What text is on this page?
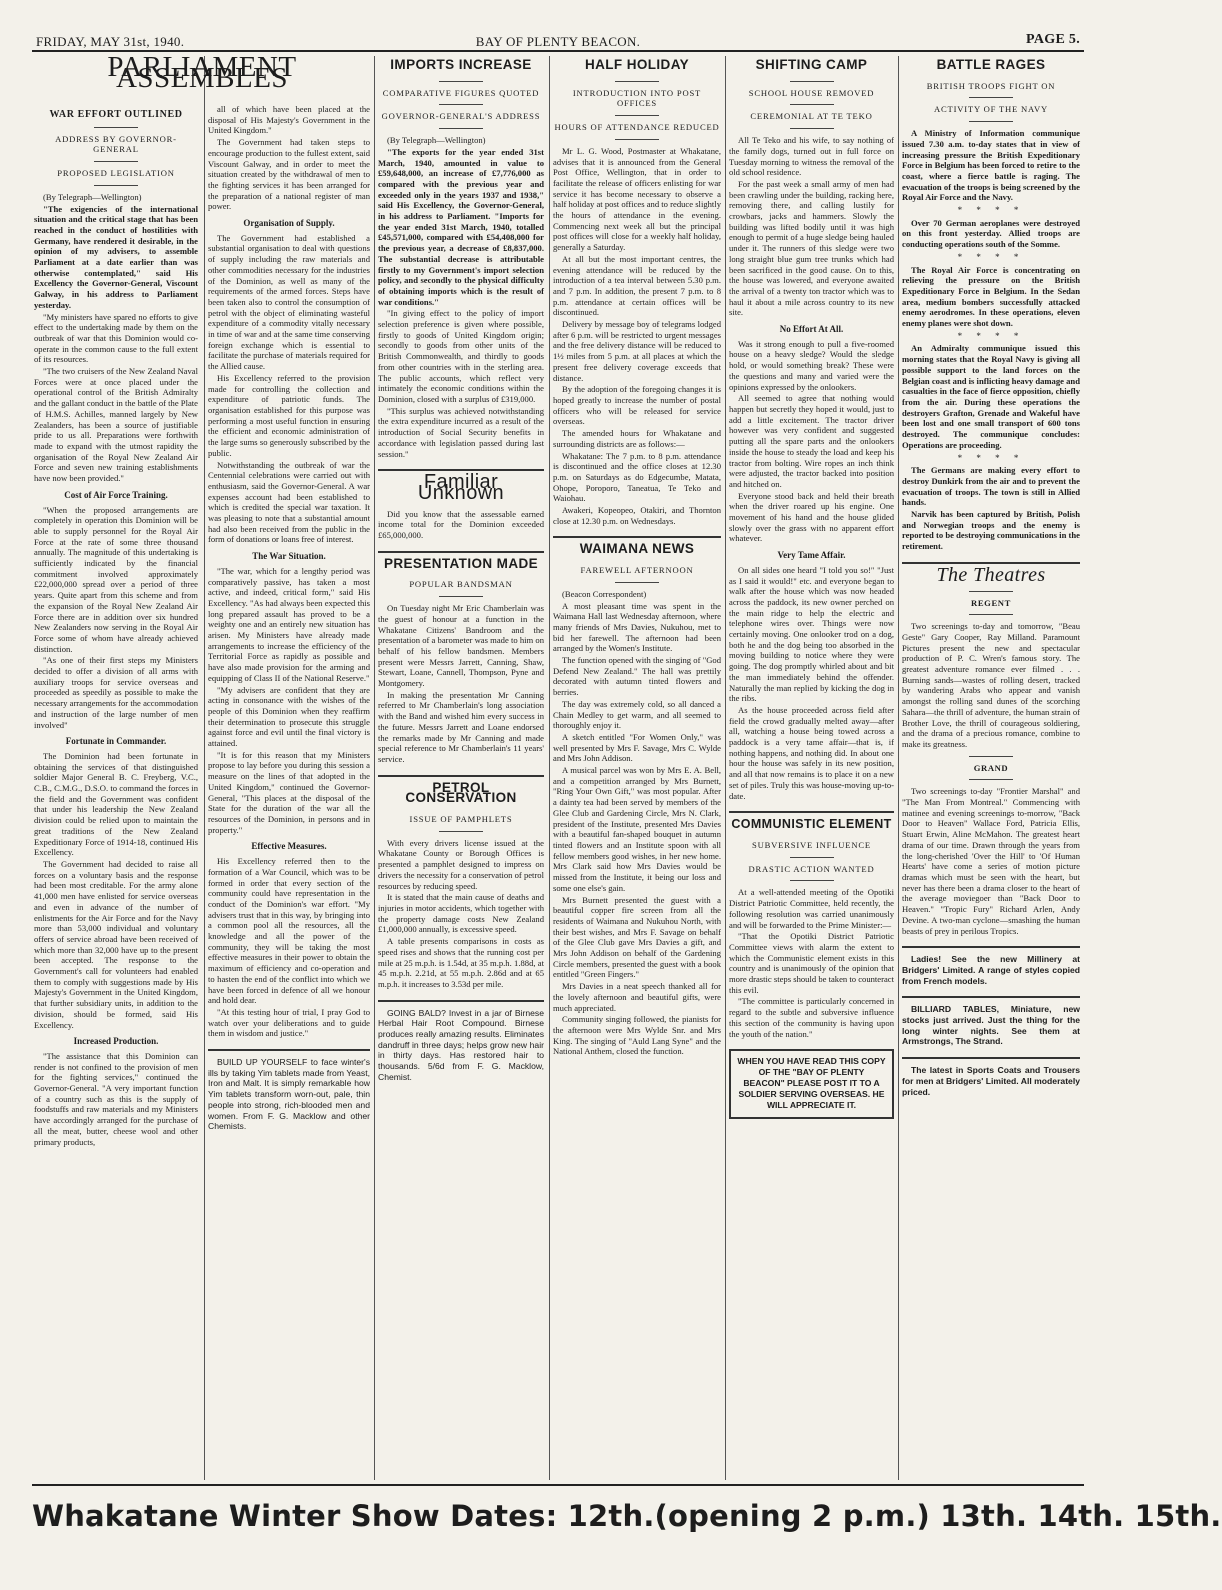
FRIDAY, MAY 31st, 1940.	BAY OF PLENTY BEACON.	PAGE 5.
PARLIAMENT ASSEMBLES
WAR EFFORT OUTLINED
ADDRESS BY GOVERNOR-GENERAL
PROPOSED LEGISLATION

(By Telegraph—Wellington)

"The exigencies of the international situation and the critical stage that has been reached in the conduct of hostilities with Germany, have rendered it desirable, in the opinion of my advisers, to assemble Parliament at a date earlier than was otherwise contemplated," said His Excellency the Governor-General, Viscount Galway, in his address to Parliament yesterday.

"My ministers have spared no efforts to give effect to the undertaking made by them on the outbreak of war that this Dominion would co-operate in the common cause to the full extent of its resources.

"The two cruisers of the New Zealand Naval Forces were at once placed under the operational control of the British Admiralty and the gallant conduct in the battle of the Plate of H.M.S. Achilles, manned largely by New Zealanders, has been a source of justifiable pride to us all. Preparations were forthwith made to expand with the utmost rapidity the organisation of the Royal New Zealand Air Force and seven new training establishments have now been provided."

Cost of Air Force Training.

"When the proposed arrangements are completely in operation this Dominion will be able to supply personnel for the Royal Air Force at the rate of some three thousand annually. The magnitude of this undertaking is sufficiently indicated by the financial commitment involved approximately £22,000,000 spread over a period of three years. Quite apart from this scheme and from the expansion of the Royal New Zealand Air Force there are in addition over six hundred New Zealanders now serving in the Royal Air Force some of whom have already achieved distinction.

"As one of their first steps my Ministers decided to offer a division of all arms with auxiliary troops for service overseas and proceeded as speedily as possible to make the necessary arrangements for the accommodation and instruction of the large number of men involved"

Fortunate in Commander.

The Dominion had been fortunate in obtaining the services of that distinguished soldier Major General B. C. Freyberg, V.C., C.B., C.M.G., D.S.O. to command the forces in the field and the Government was confident that under his leadership the New Zealand division could be relied upon to maintain the great traditions of the New Zealand Expeditionary Force of 1914-18, continued His Excellency.

The Government had decided to raise all forces on a voluntary basis and the response had been most creditable. For the army alone 41,000 men have enlisted for service overseas and even in advance of the number of enlistments for the Air Force and for the Navy more than 53,000 individual and voluntary offers of service abroad have been received of which more than 32,000 have up to the present been accepted. The response to the Government's call for volunteers had enabled them to comply with suggestions made by His Majesty's Government in the United Kingdom, that further subsidiary units, in addition to the division, should be formed, said His Excellency.

Increased Production.

"The assistance that this Dominion can render is not confined to the provision of men for the fighting services," continued the Governor-General. "A very important function of a country such as this is the supply of foodstuffs and raw materials and my Ministers have accordingly arranged for the purchase of all the meat, butter, cheese wool and other primary products,

all of which have been placed at the disposal of His Majesty's Government in the United Kingdom."

The Government had taken steps to encourage production to the fullest extent, said Viscount Galway, and in order to meet the situation created by the withdrawal of men to the fighting services it has been arranged for the preparation of a national register of man power.

Organisation of Supply.

The Government had established a substantial organisation to deal with questions of supply including the raw materials and other commodities necessary for the industries of the Dominion, as well as many of the requirements of the armed forces. Steps have been taken also to control the consumption of petrol with the object of eliminating wasteful expenditure of a commodity vitally necessary in time of war and at the same time conserving foreign exchange which is essential to facilitate the purchase of materials required for the Allied cause.

His Excellency referred to the provision made for controlling the collection and expenditure of patriotic funds. The organisation established for this purpose was performing a most useful function in ensuring the efficient and economic administration of the large sums so generously subscribed by the public.

Notwithstanding the outbreak of war the Centennial celebrations were carried out with enthusiasm, said the Governor-General. A war expenses account had been established to which is credited the special war taxation. It was pleasing to note that a substantial amount had also been received from the public in the form of donations or loans free of interest.

The War Situation.

"The war, which for a lengthy period was comparatively passive, has taken a most active, and indeed, critical form," said His Excellency. "As had always been expected this long prepared assault has proved to be a weighty one and an entirely new situation has arisen. My Ministers have already made arrangements to increase the efficiency of the Territorial Force as rapidly as possible and have also made provision for the arming and equipping of Class II of the National Reserve."

"My advisers are confident that they are acting in consonance with the wishes of the people of this Dominion when they reaffirm their determination to prosecute this struggle against force and evil until the final victory is attained.

"It is for this reason that my Ministers propose to lay before you during this session a measure on the lines of that adopted in the United Kingdom," continued the Governor-General, "This places at the disposal of the State for the duration of the war all the resources of the Dominion, in persons and in property."

Effective Measures.

His Excellency referred then to the formation of a War Council, which was to be formed in order that every section of the community could have representation in the conduct of the Dominion's war effort. "My advisers trust that in this way, by bringing into a common pool all the resources, all the knowledge and all the power of the community, they will be taking the most effective measures in their power to obtain the maximum of efficiency and co-operation and to hasten the end of the conflict into which we have been forced in defence of all we honour and hold dear.

"At this testing hour of trial, I pray God to watch over your deliberations and to guide them in wisdom and justice."

BUILD UP YOURSELF to face winter's ills by taking Yim tablets made from Yeast, Iron and Malt. It is simply remarkable how Yim tablets transform worn-out, pale, thin people into strong, rich-blooded men and women. From F. G. Macklow and other Chemists.

IMPORTS INCREASE
COMPARATIVE FIGURES QUOTED
GOVERNOR-GENERAL'S ADDRESS

(By Telegraph—Wellington)

"The exports for the year ended 31st March, 1940, amounted in value to £59,648,000, an increase of £7,776,000 as compared with the previous year and exceeded only in the years 1937 and 1938," said His Excellency, the Governor-General, in his address to Parliament. "Imports for the year ended 31st March, 1940, totalled £45,571,000, compared with £54,408,000 for the previous year, a decrease of £8,837,000. The substantial decrease is attributable firstly to my Government's import selection policy, and secondly to the physical difficulty of obtaining imports which is the result of war conditions."

"In giving effect to the policy of import selection preference is given where possible, firstly to goods of United Kingdom origin; secondly to goods from other units of the British Commonwealth, and thirdly to goods from other countries with in the sterling area. The public accounts, which reflect very intimately the economic conditions within the Dominion, closed with a surplus of £319,000.

"This surplus was achieved notwithstanding the extra expenditure incurred as a result of the introduction of Social Security benefits in accordance with legislation passed during last session."

Familiar Unknown

Did you know that the assessable earned income total for the Dominion exceeded £65,000,000.

PRESENTATION MADE
POPULAR BANDSMAN

On Tuesday night Mr Eric Chamberlain was the guest of honour at a function in the Whakatane Citizens' Bandroom and the presentation of a barometer was made to him on behalf of his fellow bandsmen. Members present were Messrs Jarrett, Canning, Shaw, Stewart, Loane, Cannell, Thompson, Pyne and Montgomery.

In making the presentation Mr Canning referred to Mr Chamberlain's long association with the Band and wished him every success in the future. Messrs Jarrett and Loane endorsed the remarks made by Mr Canning and made special reference to Mr Chamberlain's 11 years' service.

PETROL CONSERVATION
ISSUE OF PAMPHLETS

With every drivers license issued at the Whakatane County or Borough Offices is presented a pamphlet designed to impress on drivers the necessity for a conservation of petrol resources by reducing speed.

It is stated that the main cause of deaths and injuries in motor accidents, which together with the property damage costs New Zealand £1,000,000 annually, is excessive speed.

A table presents comparisons in costs as speed rises and shows that the running cost per mile at 25 m.p.h. is 1.54d, at 35 m.p.h. 1.88d, at 45 m.p.h. 2.21d, at 55 m.p.h. 2.86d and at 65 m.p.h. it increases to 3.53d per mile.

GOING BALD? Invest in a jar of Birnese Herbal Hair Root Compound. Birnese produces really amazing results. Eliminates dandruff in three days; helps grow new hair in thirty days. Has restored hair to thousands. 5/6d from F. G. Macklow, Chemist.

HALF HOLIDAY
INTRODUCTION INTO POST OFFICES
HOURS OF ATTENDANCE REDUCED

Mr L. G. Wood, Postmaster at Whakatane, advises that it is announced from the General Post Office, Wellington, that in order to facilitate the release of officers enlisting for war service it has become necessary to observe a half holiday at post offices and to reduce slightly the hours of attendance in the evening. Commencing next week all but the principal post offices will close for a weekly half holiday, generally a Saturday.

At all but the most important centres, the evening attendance will be reduced by the introduction of a tea interval between 5.30 p.m. and 7 p.m. In addition, the present 7 p.m. to 8 p.m. attendance at certain offices will be discontinued.

Delivery by message boy of telegrams lodged after 6 p.m. will be restricted to urgent messages and the free delivery distance will be reduced to 1½ miles from 5 p.m. at all places at which the present free delivery coverage exceeds that distance.

By the adoption of the foregoing changes it is hoped greatly to increase the number of postal officers who will be released for service overseas.

The amended hours for Whakatane and surrounding districts are as follows:—

Whakatane: The 7 p.m. to 8 p.m. attendance is discontinued and the office closes at 12.30 p.m. on Saturdays as do Edgecumbe, Matata, Ohope, Poroporo, Taneatua, Te Teko and Waiohau.

Awakeri, Kopeopeo, Otakiri, and Thornton close at 12.30 p.m. on Wednesdays.

WAIMANA NEWS
FAREWELL AFTERNOON

(Beacon Correspondent)

A most pleasant time was spent in the Waimana Hall last Wednesday afternoon, where many friends of Mrs Davies, Nukuhou, met to bid her farewell. The afternoon had been arranged by the Women's Institute.

The function opened with the singing of "God Defend New Zealand." The hall was prettily decorated with autumn tinted flowers and berries.

The day was extremely cold, so all danced a Chain Medley to get warm, and all seemed to thoroughly enjoy it.

A sketch entitled "For Women Only," was well presented by Mrs F. Savage, Mrs C. Wylde and Mrs John Addison.

A musical parcel was won by Mrs E. A. Bell, and a competition arranged by Mrs Burnett, "Ring Your Own Gift," was most popular. After a dainty tea had been served by members of the Glee Club and Gardening Circle, Mrs N. Clark, president of the Institute, presented Mrs Davies with a beautiful fan-shaped bouquet in autumn tinted flowers and an Institute spoon with all fellow members good wishes, in her new home. Mrs Clark said how Mrs Davies would be missed from the Institute, it being our loss and some one else's gain.

Mrs Burnett presented the guest with a beautiful copper fire screen from all the residents of Waimana and Nukuhou North, with their best wishes, and Mrs F. Savage on behalf of the Glee Club gave Mrs Davies a gift, and Mrs John Addison on behalf of the Gardening Circle members, presented the guest with a book entitled "Green Fingers."

Mrs Davies in a neat speech thanked all for the lovely afternoon and beautiful gifts, were much appreciated.

Community singing followed, the pianists for the afternoon were Mrs Wylde Snr. and Mrs King. The singing of "Auld Lang Syne" and the National Anthem, closed the function.

SHIFTING CAMP
SCHOOL HOUSE REMOVED
CEREMONIAL AT TE TEKO

All Te Teko and his wife, to say nothing of the family dogs, turned out in full force on Tuesday morning to witness the removal of the old school residence.

For the past week a small army of men had been crawling under the building, racking here, removing there, and calling lustily for crowbars, jacks and hammers. Slowly the building was lifted bodily until it was high enough to permit of a huge sledge being hauled under it. The runners of this sledge were two long straight blue gum tree trunks which had been sacrificed in the good cause. On to this, the house was lowered, and everyone awaited the arrival of a twenty ton tractor which was to haul it about a mile across country to its new site.

No Effort At All.

Was it strong enough to pull a five-roomed house on a heavy sledge? Would the sledge hold, or would something break? These were the questions and many and varied were the opinions expressed by the onlookers.

All seemed to agree that nothing would happen but secretly they hoped it would, just to add a little excitement. The tractor driver however was very confident and suggested putting all the spare parts and the onlookers inside the house to steady the load and keep his tractor from bolting. Wire ropes an inch think were adjusted, the tractor backed into position and hitched on.

Everyone stood back and held their breath when the driver roared up his engine. One movement of his hand and the house glided slowly over the grass with no apparent effort whatever.

Very Tame Affair.

On all sides one heard "I told you so!" "Just as I said it would!" etc. and everyone began to walk after the house which was now headed across the paddock, its new owner perched on the main ridge to help the electric and telephone wires over. Things were now certainly moving. One onlooker trod on a dog, both he and the dog being too absorbed in the moving building to notice where they were going. The dog promptly whirled about and bit the man immediately behind the offender. Naturally the man replied by kicking the dog in the ribs.

As the house proceeded across field after field the crowd gradually melted away—after all, watching a house being towed across a paddock is a very tame affair—that is, if nothing happens, and nothing did. In about one hour the house was safely in its new position, and all that now remains is to place it on a new set of piles. Truly this was house-moving up-to-date.

COMMUNISTIC ELEMENT
SUBVERSIVE INFLUENCE
DRASTIC ACTION WANTED

At a well-attended meeting of the Opotiki District Patriotic Committee, held recently, the following resolution was carried unanimously and will be forwarded to the Prime Minister:—

"That the Opotiki District Patriotic Committee views with alarm the extent to which the Communistic element exists in this country and is unanimously of the opinion that more drastic steps should be taken to counteract this evil.

"The committee is particularly concerned in regard to the subtle and subversive influence this section of the community is having upon the youth of the nation."

WHEN YOU HAVE READ THIS COPY OF THE "BAY OF PLENTY BEACON" PLEASE POST IT TO A SOLDIER SERVING OVERSEAS. HE WILL APPRECIATE IT.

BATTLE RAGES
BRITISH TROOPS FIGHT ON
ACTIVITY OF THE NAVY

A Ministry of Information communique issued 7.30 a.m. to-day states that in view of increasing pressure the British Expeditionary Force in Belgium has been forced to retire to the coast, where a fierce battle is raging. The evacuation of the troops is being screened by the Royal Air Force and the Navy.

* * * *

Over 70 German aeroplanes were destroyed on this front yesterday. Allied troops are conducting operations south of the Somme.

* * * *

The Royal Air Force is concentrating on relieving the pressure on the British Expeditionary Force in Belgium. In the Sedan area, medium bombers successfully attacked enemy aerodromes. In these operations, eleven enemy planes were shot down.

* * * *

An Admiralty communique issued this morning states that the Royal Navy is giving all possible support to the land forces on the Belgian coast and is inflicting heavy damage and casualties in the face of fierce opposition, chiefly from the air. During these operations the destroyers Grafton, Grenade and Wakeful have been lost and one small transport of 600 tons destroyed. The communique concludes: Operations are proceeding.

* * * *

The Germans are making every effort to destroy Dunkirk from the air and to prevent the evacuation of troops. The town is still in Allied hands.

Narvik has been captured by British, Polish and Norwegian troops and the enemy is reported to be destroying communications in the retirement.

The Theatres
REGENT

Two screenings to-day and tomorrow, "Beau Geste" Gary Cooper, Ray Milland. Paramount Pictures present the new and spectacular production of P. C. Wren's famous story. The greatest adventure romance ever filmed . . . Burning sands—wastes of rolling desert, tracked by wandering Arabs who appear and vanish amongst the rolling sand dunes of the scorching Sahara—the thrill of adventure, the human strain of Brother Love, the thrill of courageous soldiering, and the drama of a precious romance, combine to make its greatness.

GRAND

Two screenings to-day "Frontier Marshal" and "The Man From Montreal." Commencing with matinee and evening screenings to-morrow, "Back Door to Heaven" Wallace Ford, Patricia Ellis, Stuart Erwin, Aline McMahon. The greatest heart drama of our time. Drawn through the years from the long-cherished 'Over the Hill' to 'Of Human Hearts' have come a series of motion picture dramas which must be seen with the heart, but never has there been a drama closer to the heart of the average moviegoer than "Back Door to Heaven." "Tropic Fury" Richard Arlen, Andy Devine. A two-man cyclone—smashing the human beasts of prey in perilous Tropics.

Ladies! See the new Millinery at Bridgers' Limited. A range of styles copied from French models.

BILLIARD TABLES, Miniature, new stocks just arrived. Just the thing for the long winter nights. See them at Armstrongs, The Strand.

The latest in Sports Coats and Trousers for men at Bridgers' Limited. All moderately priced.

Whakatane Winter Show Dates: 12th.(opening 2 p.m.) 13th. 14th. 15th.
